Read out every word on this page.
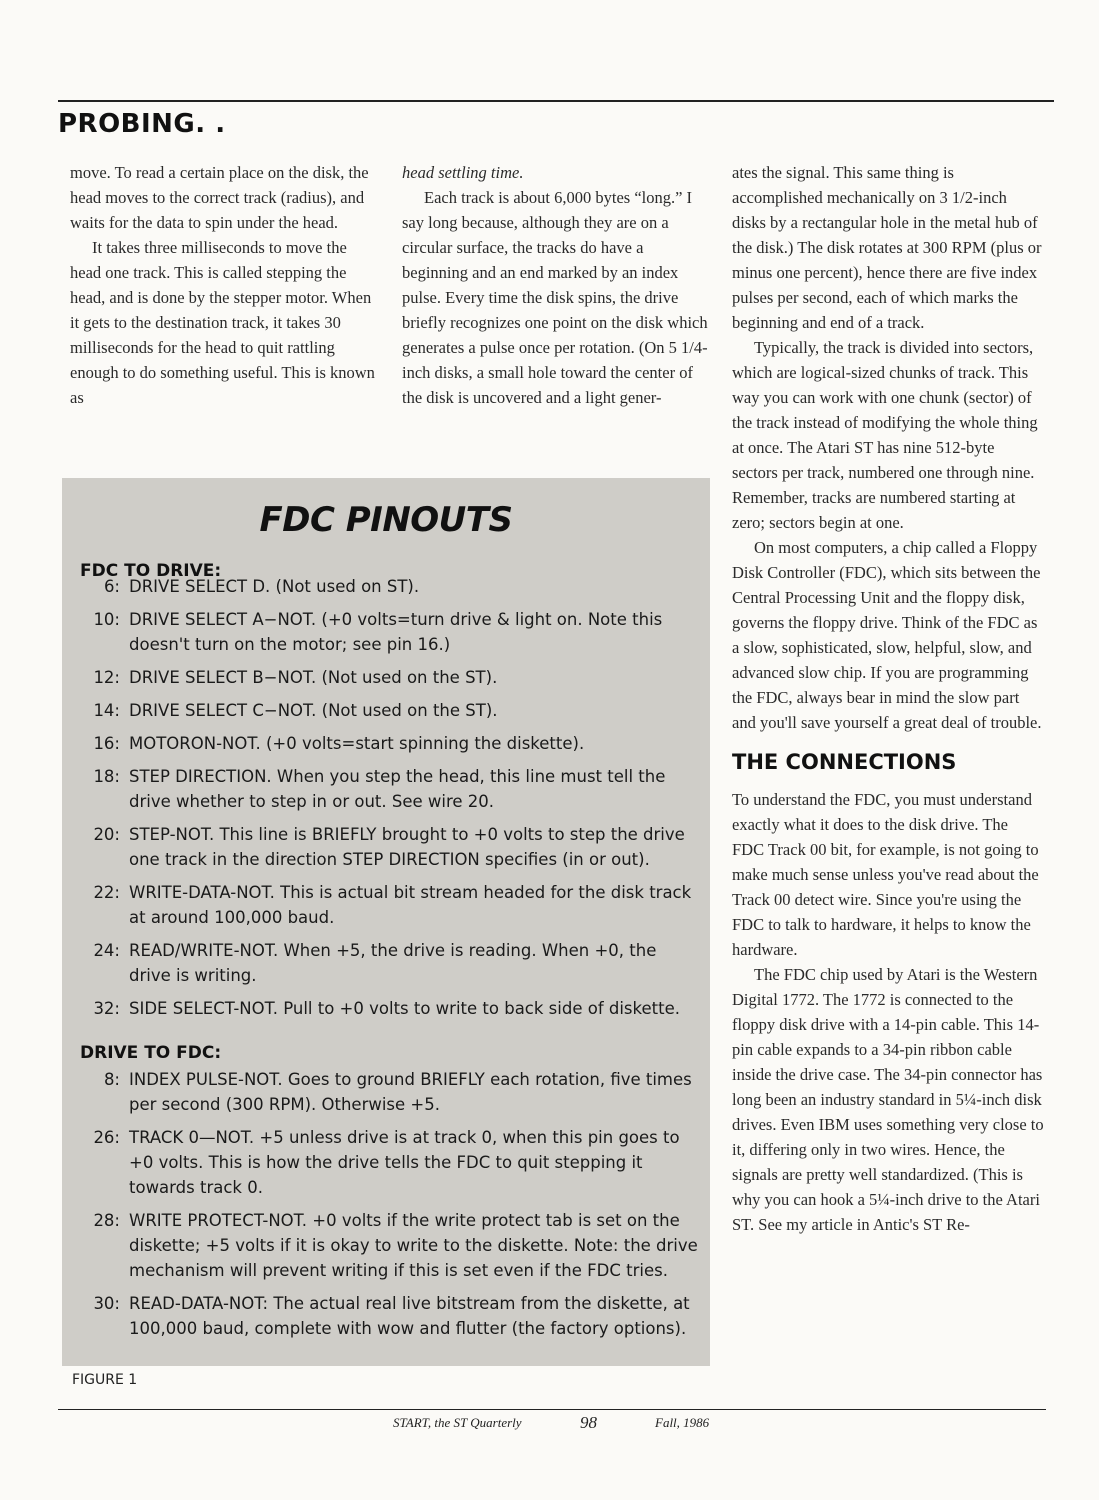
PROBING. .

move. To read a certain place on the disk, the head moves to the correct track (radius), and waits for the data to spin under the head.

It takes three milliseconds to move the head one track. This is called stepping the head, and is done by the stepper motor. When it gets to the destination track, it takes 30 milliseconds for the head to quit rattling enough to do something useful. This is known as

head settling time.

Each track is about 6,000 bytes “long.” I say long because, although they are on a circular surface, the tracks do have a beginning and an end marked by an index pulse. Every time the disk spins, the drive briefly recognizes one point on the disk which generates a pulse once per rotation. (On 5 1/4-inch disks, a small hole toward the center of the disk is uncovered and a light gener-

ates the signal. This same thing is accomplished mechanically on 3 1/2-inch disks by a rectangular hole in the metal hub of the disk.) The disk rotates at 300 RPM (plus or minus one percent), hence there are five index pulses per second, each of which marks the beginning and end of a track.

Typically, the track is divided into sectors, which are logical-sized chunks of track. This way you can work with one chunk (sector) of the track instead of modifying the whole thing at once. The Atari ST has nine 512-byte sectors per track, numbered one through nine. Remember, tracks are numbered starting at zero; sectors begin at one.

On most computers, a chip called a Floppy Disk Controller (FDC), which sits between the Central Processing Unit and the floppy disk, governs the floppy drive. Think of the FDC as a slow, sophisticated, slow, helpful, slow, and advanced slow chip. If you are programming the FDC, always bear in mind the slow part and you'll save yourself a great deal of trouble.

THE CONNECTIONS

To understand the FDC, you must understand exactly what it does to the disk drive. The FDC Track 00 bit, for example, is not going to make much sense unless you've read about the Track 00 detect wire. Since you're using the FDC to talk to hardware, it helps to know the hardware.

The FDC chip used by Atari is the Western Digital 1772. The 1772 is connected to the floppy disk drive with a 14-pin cable. This 14-pin cable expands to a 34-pin ribbon cable inside the drive case. The 34-pin connector has long been an industry standard in 5¼-inch disk drives. Even IBM uses something very close to it, differing only in two wires. Hence, the signals are pretty well standardized. (This is why you can hook a 5¼-inch drive to the Atari ST. See my article in Antic's ST Re-

FDC PINOUTS
FDC TO DRIVE:
6: DRIVE SELECT D. (Not used on ST).
10: DRIVE SELECT A−NOT. (+0 volts=turn drive & light on. Note this doesn't turn on the motor; see pin 16.)
12: DRIVE SELECT B−NOT. (Not used on the ST).
14: DRIVE SELECT C−NOT. (Not used on the ST).
16: MOTORON-NOT. (+0 volts=start spinning the diskette).
18: STEP DIRECTION. When you step the head, this line must tell the drive whether to step in or out. See wire 20.
20: STEP-NOT. This line is BRIEFLY brought to +0 volts to step the drive one track in the direction STEP DIRECTION specifies (in or out).
22: WRITE-DATA-NOT. This is actual bit stream headed for the disk track at around 100,000 baud.
24: READ/WRITE-NOT. When +5, the drive is reading. When +0, the drive is writing.
32: SIDE SELECT-NOT. Pull to +0 volts to write to back side of diskette.
DRIVE TO FDC:
8: INDEX PULSE-NOT. Goes to ground BRIEFLY each rotation, five times per second (300 RPM). Otherwise +5.
26: TRACK 0—NOT. +5 unless drive is at track 0, when this pin goes to +0 volts. This is how the drive tells the FDC to quit stepping it towards track 0.
28: WRITE PROTECT-NOT. +0 volts if the write protect tab is set on the diskette; +5 volts if it is okay to write to the diskette. Note: the drive mechanism will prevent writing if this is set even if the FDC tries.
30: READ-DATA-NOT: The actual real live bitstream from the diskette, at 100,000 baud, complete with wow and flutter (the factory options).
FIGURE 1
START, the ST Quarterly	98	Fall, 1986
